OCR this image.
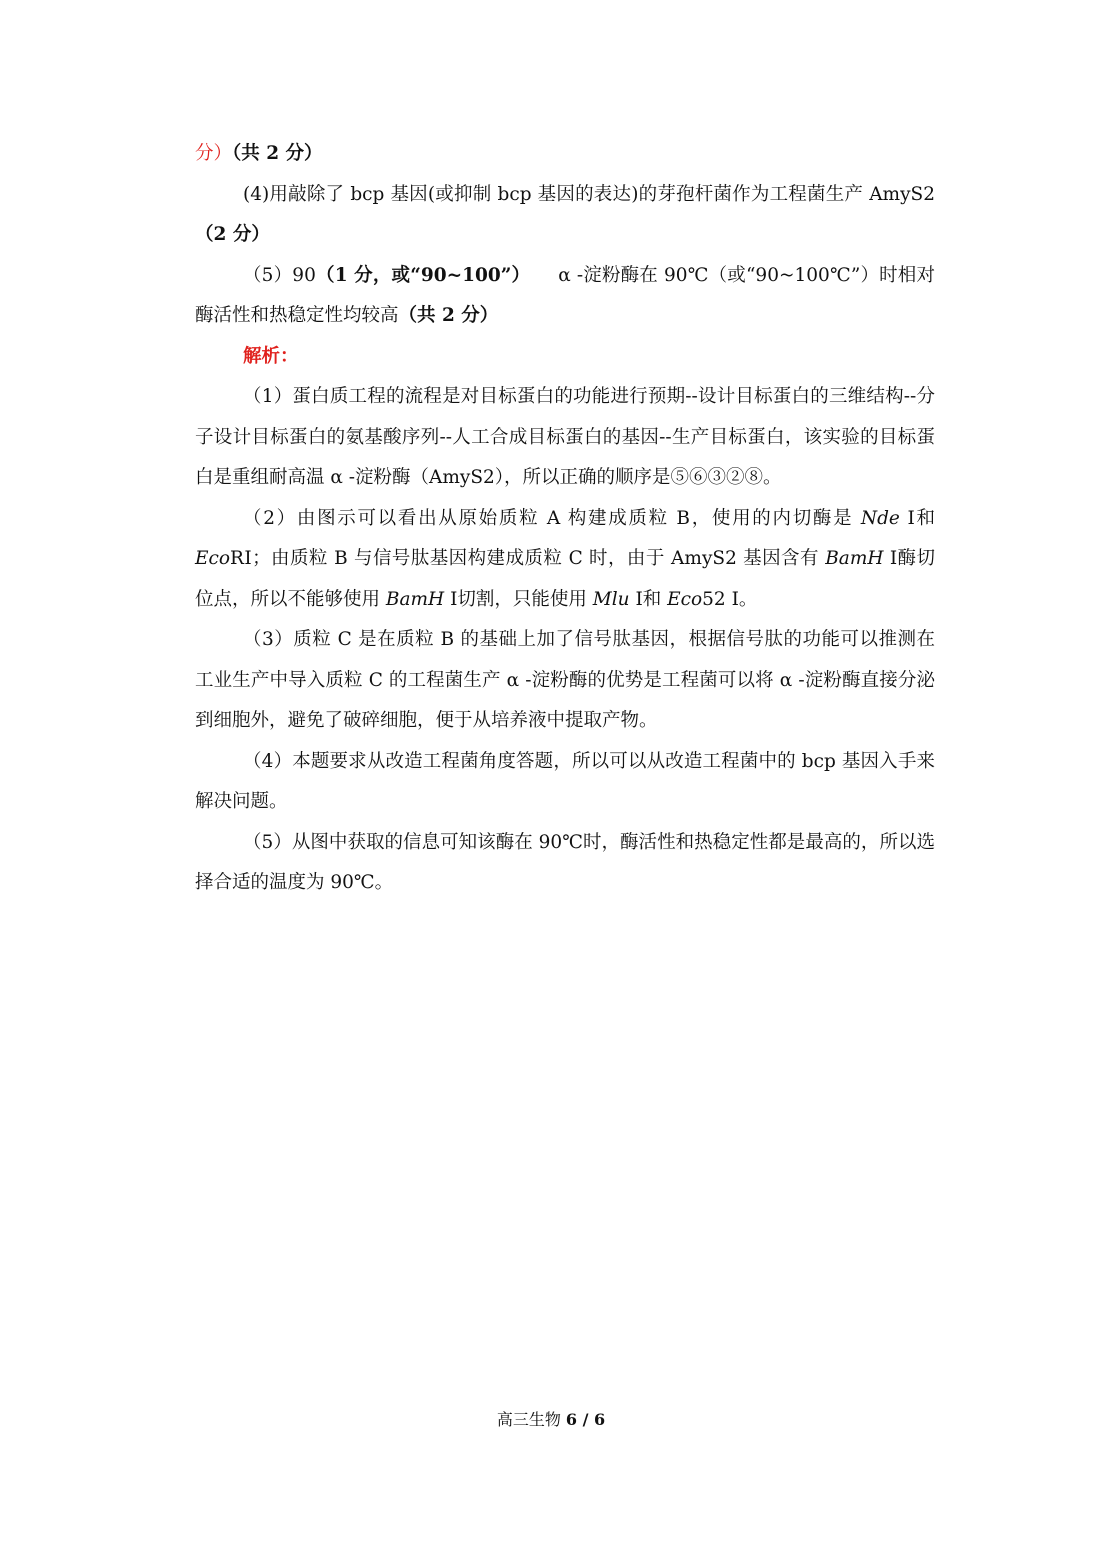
分）（共 2 分）

(4)用敲除了 bcp 基因(或抑制 bcp 基因的表达)的芽孢杆菌作为工程菌生产 AmyS2（2 分）

（5）90（1 分，或“90~100”）　　α -淀粉酶在 90℃（或“90~100℃”）时相对酶活性和热稳定性均较高（共 2 分）

解析：

（1）蛋白质工程的流程是对目标蛋白的功能进行预期--设计目标蛋白的三维结构--分子设计目标蛋白的氨基酸序列--人工合成目标蛋白的基因--生产目标蛋白，该实验的目标蛋白是重组耐高温 α -淀粉酶（AmyS2），所以正确的顺序是⑤⑥③②⑧。

（2）由图示可以看出从原始质粒 A 构建成质粒 B，使用的内切酶是 Nde Ⅰ和 EcoRⅠ；由质粒 B 与信号肽基因构建成质粒 C 时，由于 AmyS2 基因含有 BamH Ⅰ酶切位点，所以不能够使用 BamH Ⅰ切割，只能使用 Mlu Ⅰ和 Eco52 Ⅰ。

（3）质粒 C 是在质粒 B 的基础上加了信号肽基因，根据信号肽的功能可以推测在工业生产中导入质粒 C 的工程菌生产 α -淀粉酶的优势是工程菌可以将 α -淀粉酶直接分泌到细胞外，避免了破碎细胞，便于从培养液中提取产物。

（4）本题要求从改造工程菌角度答题，所以可以从改造工程菌中的 bcp 基因入手来解决问题。

（5）从图中获取的信息可知该酶在 90℃时，酶活性和热稳定性都是最高的，所以选择合适的温度为 90℃。

高三生物 6 / 6
